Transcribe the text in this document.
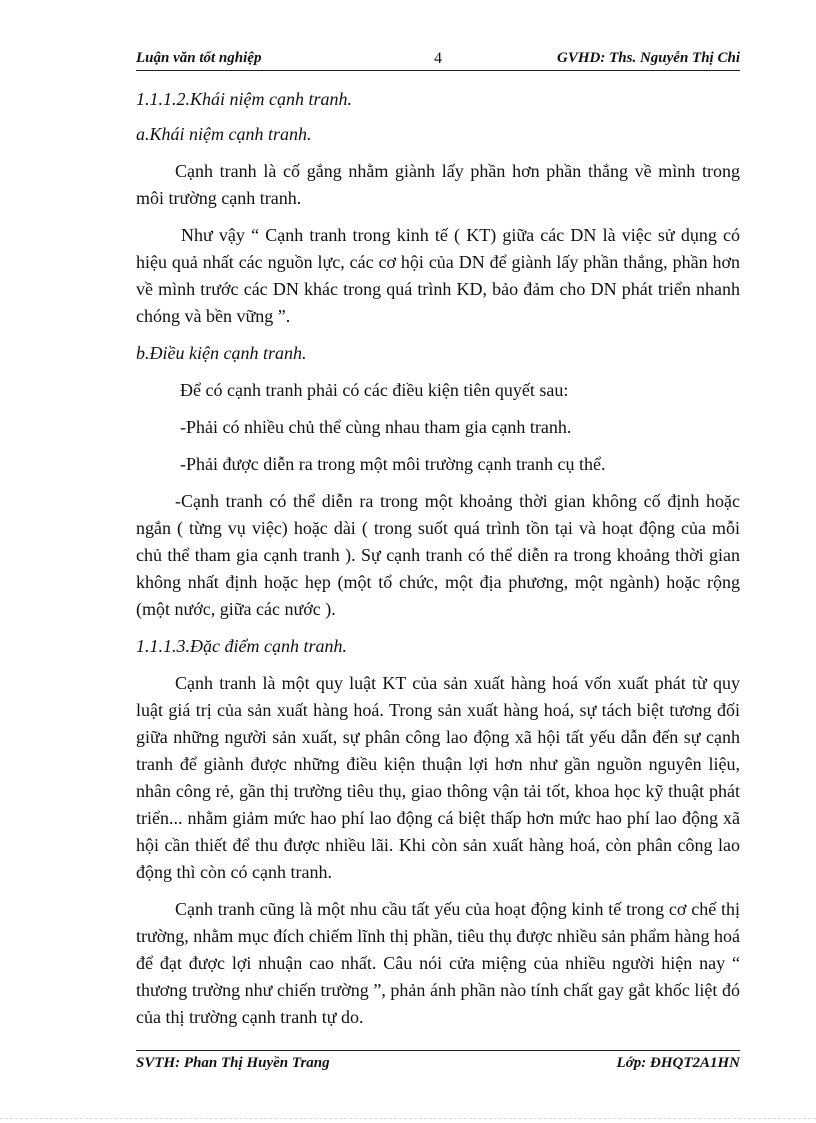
Luận văn tốt nghiệp	4	GVHD: Ths. Nguyễn Thị Chi

1.1.1.2.Khái niệm cạnh tranh.

a.Khái niệm cạnh tranh.

Cạnh tranh là cố gắng nhằm giành lấy phần hơn phần thắng về mình trong môi trường cạnh tranh.

Như vậy “ Cạnh tranh trong kinh tế ( KT) giữa các DN là việc sử dụng có hiệu quả nhất các nguồn lực, các cơ hội của DN để giành lấy phần thắng, phần hơn về mình trước các DN khác trong quá trình KD, bảo đảm cho DN phát triển nhanh chóng và bền vững ”.

b.Điều kiện cạnh tranh.

Để có cạnh tranh phải có các điều kiện tiên quyết sau:

-Phải có nhiều chủ thể cùng nhau tham gia cạnh tranh.

-Phải được diễn ra trong một môi trường cạnh tranh cụ thể.

-Cạnh tranh có thể diễn ra trong một khoảng thời gian không cố định hoặc ngắn ( từng vụ việc) hoặc dài ( trong suốt quá trình tồn tại và hoạt động của mỗi chủ thể tham gia cạnh tranh ). Sự cạnh tranh có thể diễn ra trong khoảng thời gian không nhất định hoặc hẹp (một tổ chức, một địa phương, một ngành) hoặc rộng (một nước, giữa các nước ).

1.1.1.3.Đặc điểm cạnh tranh.

Cạnh tranh là một quy luật KT của sản xuất hàng hoá vốn xuất phát từ quy luật giá trị của sản xuất hàng hoá. Trong sản xuất hàng hoá, sự tách biệt tương đối giữa những người sản xuất, sự phân công lao động xã hội tất yếu dẫn đến sự cạnh tranh để giành được những điều kiện thuận lợi hơn như gần nguồn nguyên liệu, nhân công rẻ, gần thị trường tiêu thụ, giao thông vận tải tốt, khoa học kỹ thuật phát triển... nhằm giảm mức hao phí lao động cá biệt thấp hơn mức hao phí lao động xã hội cần thiết để thu được nhiều lãi. Khi còn sản xuất hàng hoá, còn phân công lao động thì còn có cạnh tranh.

Cạnh tranh cũng là một nhu cầu tất yếu của hoạt động kinh tế trong cơ chế thị trường, nhằm mục đích chiếm lĩnh thị phần, tiêu thụ được nhiều sản phẩm hàng hoá để đạt được lợi nhuận cao nhất. Câu nói cửa miệng của nhiều người hiện nay “ thương trường như chiến trường ”, phản ánh phần nào tính chất gay gắt khốc liệt đó của thị trường cạnh tranh tự do.

SVTH: Phan Thị Huyền Trang	Lớp: ĐHQT2A1HN
